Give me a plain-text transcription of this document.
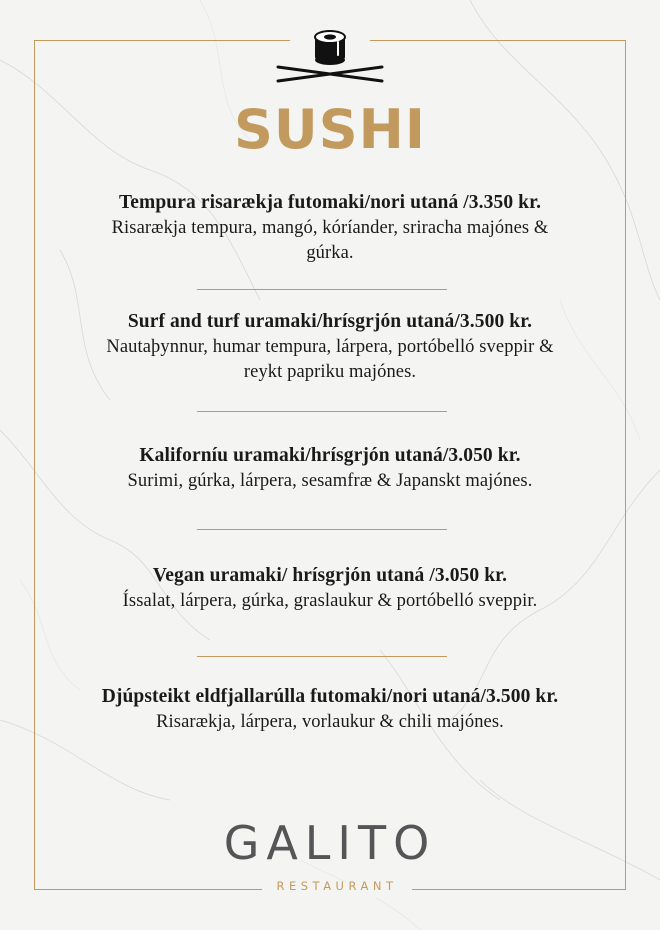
SUSHI
Tempura risarækja futomaki/nori utaná /3.350 kr.
Risarækja tempura, mangó, kóríander, sriracha majónes & gúrka.
Surf and turf uramaki/hrísgrjón utaná/3.500 kr.
Nautaþynnur, humar tempura, lárpera, portóbelló sveppir & reykt papriku majónes.
Kaliforníu uramaki/hrísgrjón utaná/3.050 kr.
Surimi, gúrka, lárpera, sesamfræ & Japanskt majónes.
Vegan uramaki/ hrísgrjón utaná /3.050 kr.
Íssalat, lárpera, gúrka, graslaukur & portóbelló sveppir.
Djúpsteikt eldfjallarúlla futomaki/nori utaná/3.500 kr.
Risarækja, lárpera, vorlaukur & chili majónes.
GALITO
RESTAURANT
